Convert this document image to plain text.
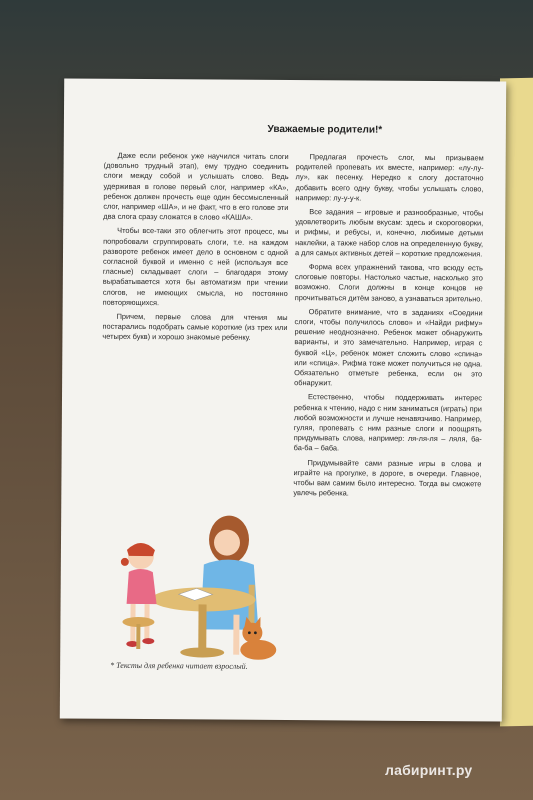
Уважаемые родители!*

Даже если ребенок уже научился читать слоги (довольно трудный этап), ему трудно соединить слоги между собой и услышать слово. Ведь удерживая в голове первый слог, например «КА», ребенок должен прочесть еще один бессмысленный слог, например «ША», и не факт, что в его голове эти два слога сразу сложатся в слово «КАША».

Чтобы все-таки это облегчить этот процесс, мы попробовали сгруппировать слоги, т.е. на каждом развороте ребенок имеет дело в основном с одной согласной буквой и именно с ней (используя все гласные) складывает слоги – благодаря этому вырабатывается хотя бы автоматизм при чтении слогов, не имеющих смысла, но постоянно повторяющихся.

Причем, первые слова для чтения мы постарались подобрать самые короткие (из трех или четырех букв) и хорошо знакомые ребенку.

Предлагая прочесть слог, мы призываем родителей пропевать их вместе, например: «лу-лу-лу», как песенку. Нередко к слогу достаточно добавить всего одну букву, чтобы услышать слово, например: лу-у-у-к.

Все задания – игровые и разнообразные, чтобы удовлетворить любым вкусам: здесь и скороговорки, и рифмы, и ребусы, и, конечно, любимые детьми наклейки, а также набор слов на определенную букву, а для самых активных детей – короткие предложения.

Форма всех упражнений такова, что всюду есть слоговые повторы. Настолько частые, насколько это возможно. Слоги должны в конце концов не прочитываться дитём заново, а узнаваться зрительно.

Обратите внимание, что в заданиях «Соедини слоги, чтобы получилось слово» и «Найди рифму» решение неоднозначно. Ребенок может обнаружить варианты, и это замечательно. Например, играя с буквой «Ц», ребенок может сложить слово «спина» или «спица». Рифма тоже может получиться не одна. Обязательно отметьте ребенка, если он это обнаружит.

Естественно, чтобы поддерживать интерес ребенка к чтению, надо с ним заниматься (играть) при любой возможности и лучше ненавязчиво. Например, гуляя, пропевать с ним разные слоги и поощрять придумывать слова, например: ля-ля-ля – ляля, ба-ба-ба – баба.

Придумывайте сами разные игры в слова и играйте на прогулке, в дороге, в очереди. Главное, чтобы вам самим было интересно. Тогда вы сможете увлечь ребенка.

* Тексты для ребенка читает взрослый.
лабиринт.ру
